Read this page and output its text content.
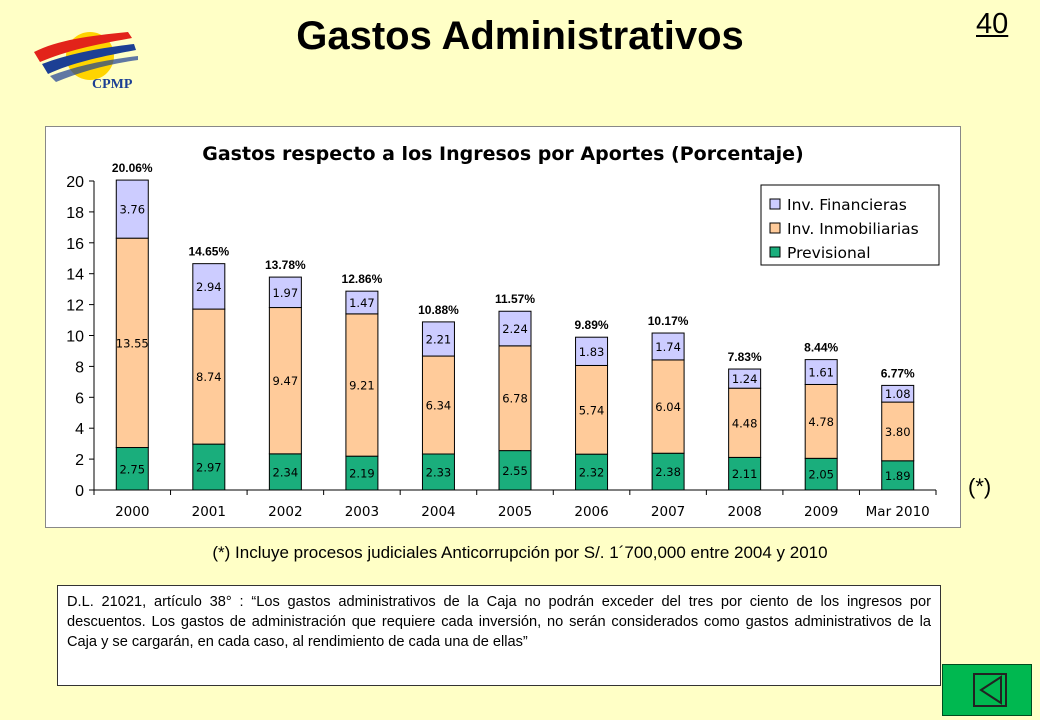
Gastos Administrativos	40
CPMP
Gastos respecto a los Ingresos por Aportes (Porcentaje)
0
2
4
6
8
10
12
14
16
18
20
2.75
13.55
3.76
20.06%
2000
2.97
8.74
2.94
14.65%
2001
2.34
9.47
1.97
13.78%
2002
2.19
9.21
1.47
12.86%
2003
2.33
6.34
2.21
10.88%
2004
2.55
6.78
2.24
11.57%
2005
2.32
5.74
1.83
9.89%
2006
2.38
6.04
1.74
10.17%
2007
2.11
4.48
1.24
7.83%
2008
2.05
4.78
1.61
8.44%
2009
1.89
3.80
1.08
6.77%
Mar 2010
Inv. Financieras
Inv. Inmobiliarias
Previsional
(*)
(*) Incluye procesos judiciales Anticorrupción por S/. 1´700,000 entre 2004 y 2010
D.L. 21021, artículo 38° : “Los gastos administrativos de la Caja no podrán exceder del tres por ciento de los ingresos por descuentos. Los gastos de administración que requiere cada inversión, no serán considerados como gastos administrativos de la Caja y se cargarán, en cada caso, al rendimiento de cada una de ellas”
